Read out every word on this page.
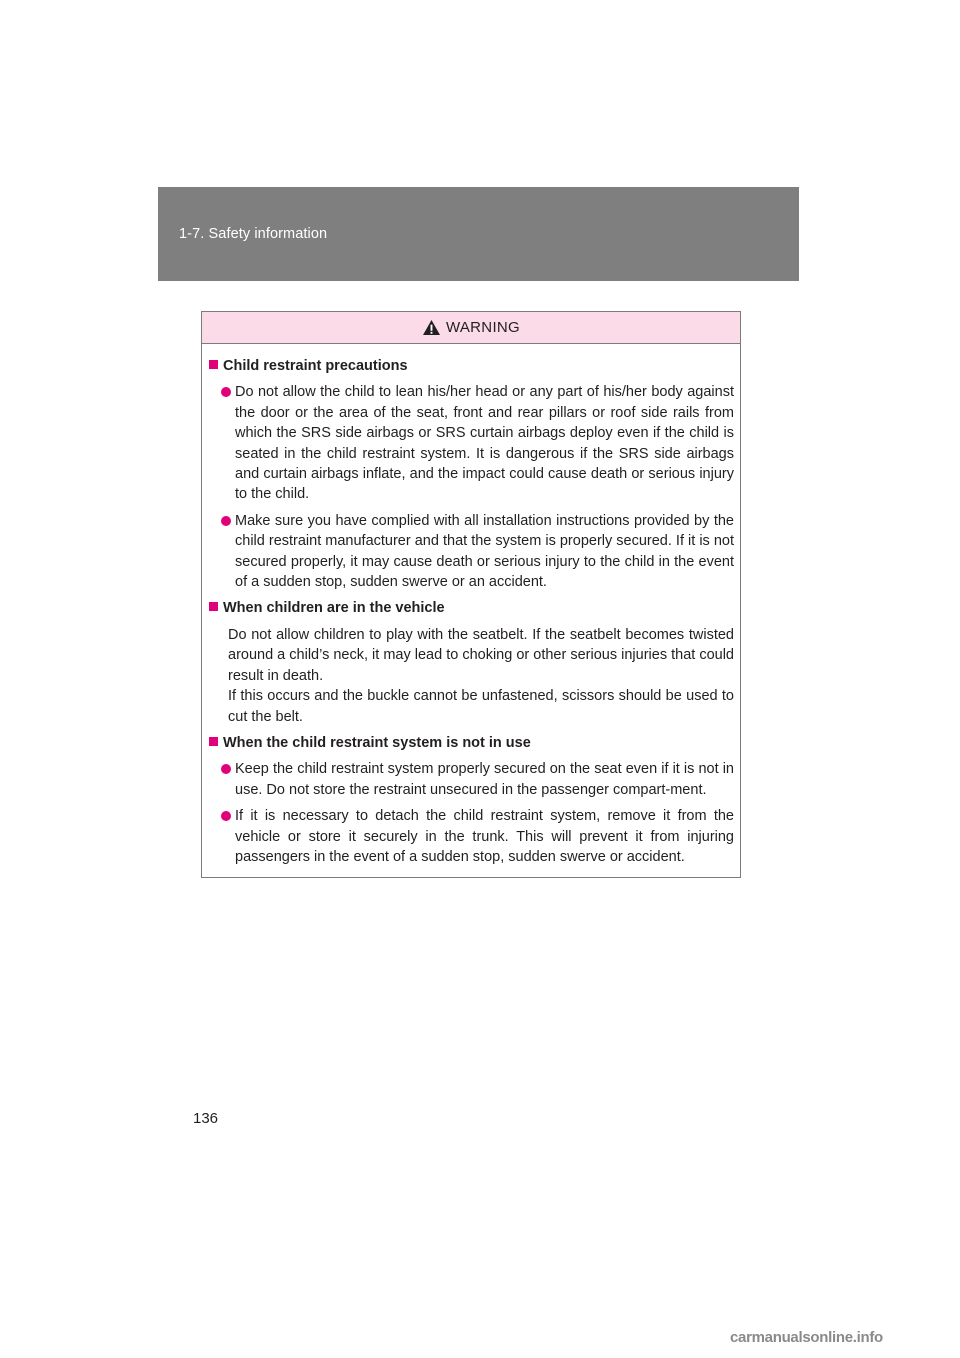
1-7. Safety information
WARNING
Child restraint precautions
Do not allow the child to lean his/her head or any part of his/her body against the door or the area of the seat, front and rear pillars or roof side rails from which the SRS side airbags or SRS curtain airbags deploy even if the child is seated in the child restraint system. It is dangerous if the SRS side airbags and curtain airbags inflate, and the impact could cause death or serious injury to the child.
Make sure you have complied with all installation instructions provided by the child restraint manufacturer and that the system is properly secured. If it is not secured properly, it may cause death or serious injury to the child in the event of a sudden stop, sudden swerve or an accident.
When children are in the vehicle
Do not allow children to play with the seatbelt. If the seatbelt becomes twisted around a child’s neck, it may lead to choking or other serious injuries that could result in death.
If this occurs and the buckle cannot be unfastened, scissors should be used to cut the belt.
When the child restraint system is not in use
Keep the child restraint system properly secured on the seat even if it is not in use. Do not store the restraint unsecured in the passenger compart-ment.
If it is necessary to detach the child restraint system, remove it from the vehicle or store it securely in the trunk. This will prevent it from injuring passengers in the event of a sudden stop, sudden swerve or accident.
136
carmanualsonline.info
